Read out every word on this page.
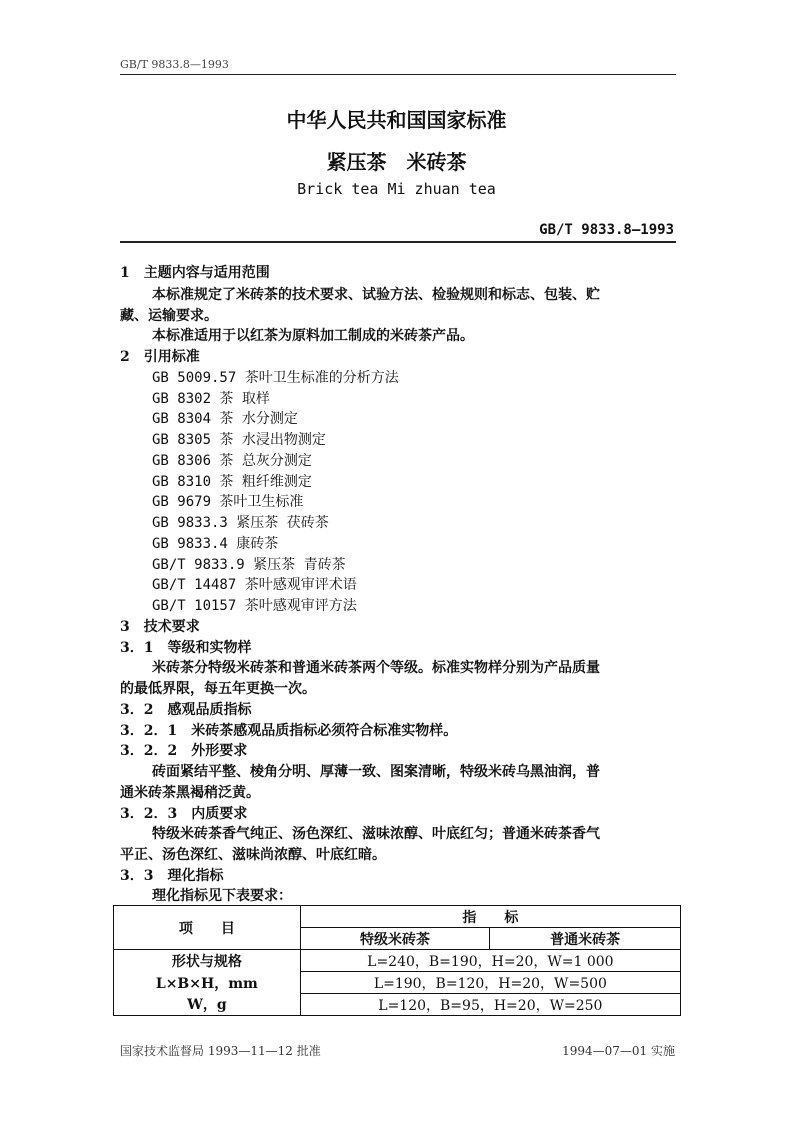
GB/T 9833.8—1993
中华人民共和国国家标准
紧压茶　米砖茶
Brick tea Mi zhuan tea
GB/T 9833.8—1993
1　主题内容与适用范围
本标准规定了米砖茶的技术要求、试验方法、检验规则和标志、包装、贮
藏、运输要求。
本标准适用于以红茶为原料加工制成的米砖茶产品。
2　引用标准
GB 5009.57 茶叶卫生标准的分析方法
GB 8302 茶 取样
GB 8304 茶 水分测定
GB 8305 茶 水浸出物测定
GB 8306 茶 总灰分测定
GB 8310 茶 粗纤维测定
GB 9679 茶叶卫生标准
GB 9833.3 紧压茶 茯砖茶
GB 9833.4 康砖茶
GB/T 9833.9 紧压茶 青砖茶
GB/T 14487 茶叶感观审评术语
GB/T 10157 茶叶感观审评方法
3　技术要求
3．1　等级和实物样
米砖茶分特级米砖茶和普通米砖茶两个等级。标准实物样分别为产品质量
的最低界限，每五年更换一次。
3．2　感观品质指标
3．2．1　米砖茶感观品质指标必须符合标准实物样。
3．2．2　外形要求
砖面紧结平整、棱角分明、厚薄一致、图案清晰，特级米砖乌黑油润，普
通米砖茶黑褐稍泛黄。
3．2．3　内质要求
特级米砖茶香气纯正、汤色深红、滋味浓醇、叶底红匀；普通米砖茶香气
平正、汤色深红、滋味尚浓醇、叶底红暗。
3．3　理化指标
理化指标见下表要求：
项　　目	指　　标	
	特级米砖茶	普通米砖茶
形状与规格	L=240，B=190，H=20，W=1 000	
L×B×H，mm	L=190，B=120，H=20，W=500	
W，g	L=120，B=95，H=20，W=250	
国家技术监督局 1993—11—12 批准	1994—07—01 实施
